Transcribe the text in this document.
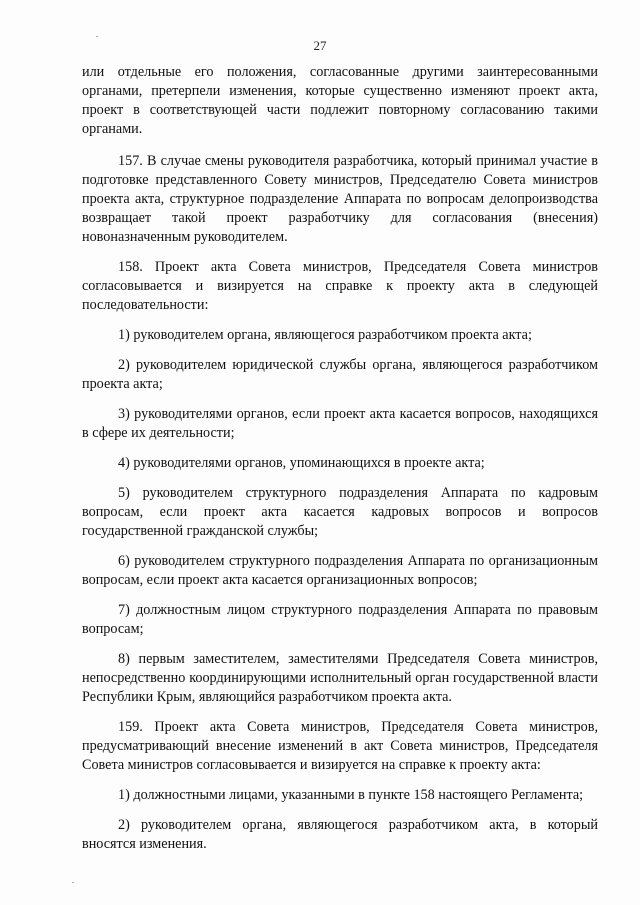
27

или отдельные его положения, согласованные другими заинтересованными органами, претерпели изменения, которые существенно изменяют проект акта, проект в соответствующей части подлежит повторному согласованию такими органами.

157. В случае смены руководителя разработчика, который принимал участие в подготовке представленного Совету министров, Председателю Совета министров проекта акта, структурное подразделение Аппарата по вопросам делопроизводства возвращает такой проект разработчику для согласования (внесения) новоназначенным руководителем.

158. Проект акта Совета министров, Председателя Совета министров согласовывается и визируется на справке к проекту акта в следующей последовательности:

1) руководителем органа, являющегося разработчиком проекта акта;

2) руководителем юридической службы органа, являющегося разработчиком проекта акта;

3) руководителями органов, если проект акта касается вопросов, находящихся в сфере их деятельности;

4) руководителями органов, упоминающихся в проекте акта;

5) руководителем структурного подразделения Аппарата по кадровым вопросам, если проект акта касается кадровых вопросов и вопросов государственной гражданской службы;

6) руководителем структурного подразделения Аппарата по организационным вопросам, если проект акта касается организационных вопросов;

7) должностным лицом структурного подразделения Аппарата по правовым вопросам;

8) первым заместителем, заместителями Председателя Совета министров, непосредственно координирующими исполнительный орган государственной власти Республики Крым, являющийся разработчиком проекта акта.

159. Проект акта Совета министров, Председателя Совета министров, предусматривающий внесение изменений в акт Совета министров, Председателя Совета министров согласовывается и визируется на справке к проекту акта:

1) должностными лицами, указанными в пункте 158 настоящего Регламента;

2) руководителем органа, являющегося разработчиком акта, в который вносятся изменения.
